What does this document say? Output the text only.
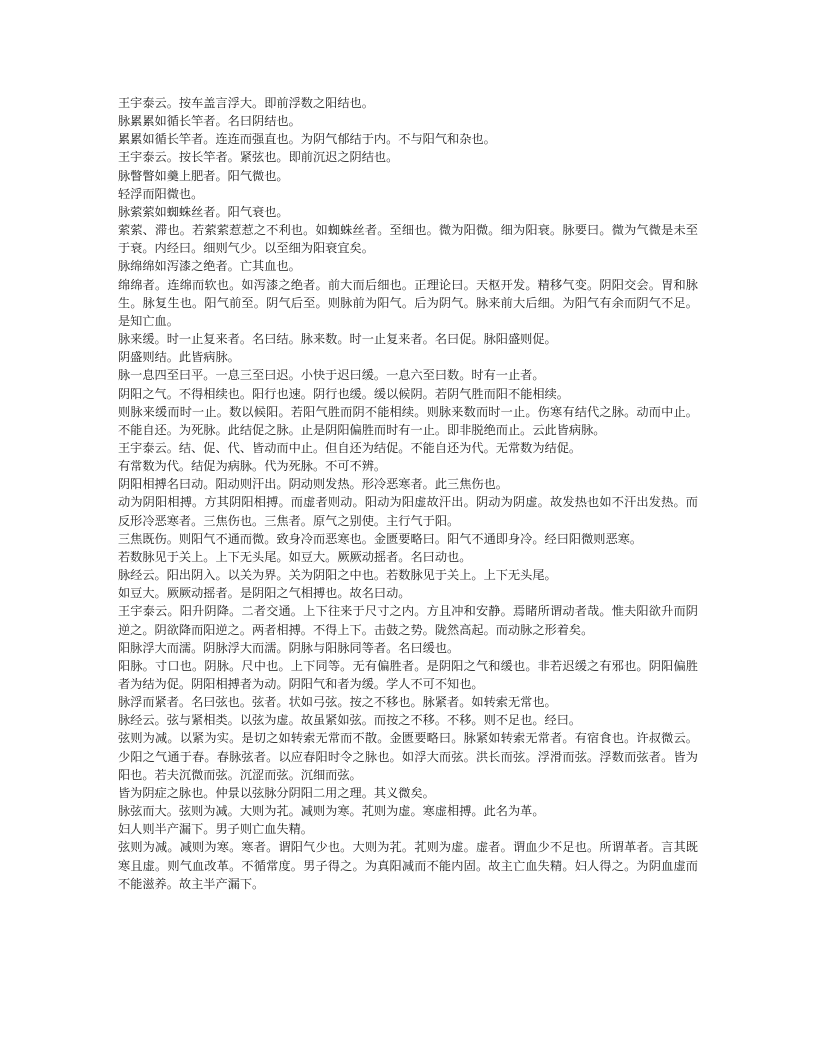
王宇泰云。按车盖言浮大。即前浮数之阳结也。

脉累累如循长竿者。名曰阴结也。

累累如循长竿者。连连而强直也。为阴气郁结于内。不与阳气和杂也。

王宇泰云。按长竿者。紧弦也。即前沉迟之阴结也。

脉瞥瞥如羹上肥者。阳气微也。

轻浮而阳微也。

脉萦萦如蜘蛛丝者。阳气衰也。

萦萦、滞也。若萦萦惹惹之不利也。如蜘蛛丝者。至细也。微为阳微。细为阳衰。脉要曰。微为气微是未至于衰。内经曰。细则气少。以至细为阳衰宜矣。

脉绵绵如泻漆之绝者。亡其血也。

绵绵者。连绵而软也。如泻漆之绝者。前大而后细也。正理论曰。天枢开发。精移气变。阴阳交会。胃和脉生。脉复生也。阳气前至。阴气后至。则脉前为阳气。后为阴气。脉来前大后细。为阳气有余而阴气不足。是知亡血。

脉来缓。时一止复来者。名曰结。脉来数。时一止复来者。名曰促。脉阳盛则促。

阴盛则结。此皆病脉。

脉一息四至曰平。一息三至曰迟。小快于迟曰缓。一息六至曰数。时有一止者。

阴阳之气。不得相续也。阳行也速。阴行也缓。缓以候阴。若阴气胜而阳不能相续。

则脉来缓而时一止。数以候阳。若阳气胜而阴不能相续。则脉来数而时一止。伤寒有结代之脉。动而中止。不能自还。为死脉。此结促之脉。止是阴阳偏胜而时有一止。即非脱绝而止。云此皆病脉。

王宇泰云。结、促、代、皆动而中止。但自还为结促。不能自还为代。无常数为结促。

有常数为代。结促为病脉。代为死脉。不可不辨。

阴阳相搏名曰动。阳动则汗出。阴动则发热。形冷恶寒者。此三焦伤也。

动为阴阳相搏。方其阴阳相搏。而虚者则动。阳动为阳虚故汗出。阴动为阴虚。故发热也如不汗出发热。而反形冷恶寒者。三焦伤也。三焦者。原气之别使。主行气于阳。

三焦既伤。则阳气不通而微。致身冷而恶寒也。金匮要略曰。阳气不通即身冷。经曰阳微则恶寒。

若数脉见于关上。上下无头尾。如豆大。厥厥动摇者。名曰动也。

脉经云。阳出阴入。以关为界。关为阴阳之中也。若数脉见于关上。上下无头尾。

如豆大。厥厥动摇者。是阴阳之气相搏也。故名曰动。

王宇泰云。阳升阴降。二者交通。上下往来于尺寸之内。方且冲和安静。焉睹所谓动者哉。惟夫阳欲升而阴逆之。阴欲降而阳逆之。两者相搏。不得上下。击鼓之势。陇然高起。而动脉之形着矣。

阳脉浮大而濡。阴脉浮大而濡。阴脉与阳脉同等者。名曰缓也。

阳脉。寸口也。阴脉。尺中也。上下同等。无有偏胜者。是阴阳之气和缓也。非若迟缓之有邪也。阴阳偏胜者为结为促。阴阳相搏者为动。阴阳气和者为缓。学人不可不知也。

脉浮而紧者。名曰弦也。弦者。状如弓弦。按之不移也。脉紧者。如转索无常也。

脉经云。弦与紧相类。以弦为虚。故虽紧如弦。而按之不移。不移。则不足也。经曰。

弦则为减。以紧为实。是切之如转索无常而不散。金匮要略曰。脉紧如转索无常者。有宿食也。许叔微云。少阳之气通于春。春脉弦者。以应春阳时令之脉也。如浮大而弦。洪长而弦。浮滑而弦。浮数而弦者。皆为阳也。若夫沉微而弦。沉涩而弦。沉细而弦。

皆为阴症之脉也。仲景以弦脉分阴阳二用之理。其义微矣。

脉弦而大。弦则为减。大则为芤。减则为寒。芤则为虚。寒虚相搏。此名为革。

妇人则半产漏下。男子则亡血失精。

弦则为减。减则为寒。寒者。谓阳气少也。大则为芤。芤则为虚。虚者。谓血少不足也。所谓革者。言其既寒且虚。则气血改革。不循常度。男子得之。为真阳减而不能内固。故主亡血失精。妇人得之。为阴血虚而不能滋养。故主半产漏下。
